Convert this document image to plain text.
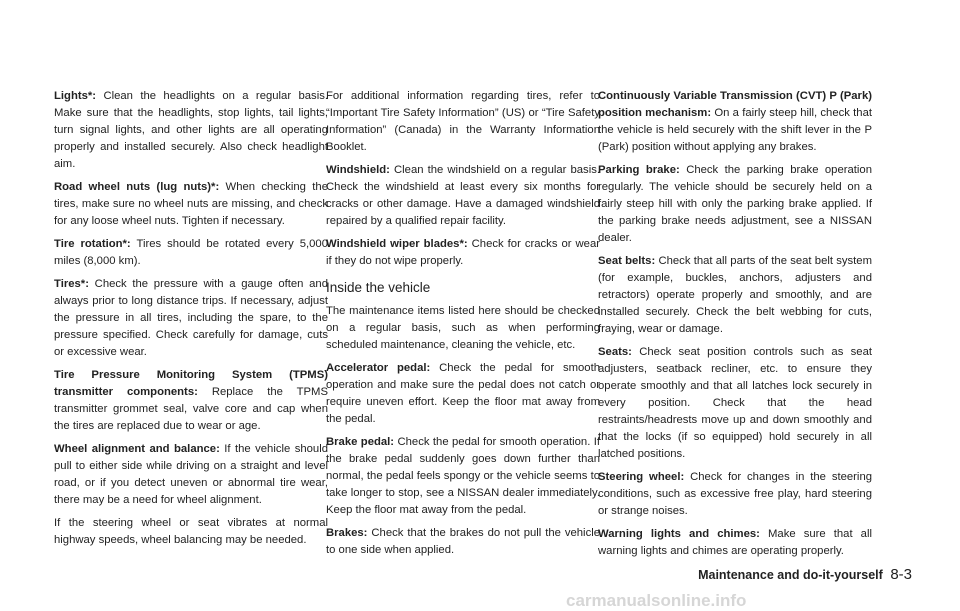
Lights*: Clean the headlights on a regular basis. Make sure that the headlights, stop lights, tail lights, turn signal lights, and other lights are all operating properly and installed securely. Also check headlight aim.
Road wheel nuts (lug nuts)*: When checking the tires, make sure no wheel nuts are missing, and check for any loose wheel nuts. Tighten if necessary.
Tire rotation*: Tires should be rotated every 5,000 miles (8,000 km).
Tires*: Check the pressure with a gauge often and always prior to long distance trips. If necessary, adjust the pressure in all tires, including the spare, to the pressure specified. Check carefully for damage, cuts or excessive wear.
Tire Pressure Monitoring System (TPMS) transmitter components: Replace the TPMS transmitter grommet seal, valve core and cap when the tires are replaced due to wear or age.
Wheel alignment and balance: If the vehicle should pull to either side while driving on a straight and level road, or if you detect uneven or abnormal tire wear, there may be a need for wheel alignment.
If the steering wheel or seat vibrates at normal highway speeds, wheel balancing may be needed.
For additional information regarding tires, refer to “Important Tire Safety Information” (US) or “Tire Safety Information” (Canada) in the Warranty Information Booklet.
Windshield: Clean the windshield on a regular basis. Check the windshield at least every six months for cracks or other damage. Have a damaged windshield repaired by a qualified repair facility.
Windshield wiper blades*: Check for cracks or wear if they do not wipe properly.
Inside the vehicle
The maintenance items listed here should be checked on a regular basis, such as when performing scheduled maintenance, cleaning the vehicle, etc.
Accelerator pedal: Check the pedal for smooth operation and make sure the pedal does not catch or require uneven effort. Keep the floor mat away from the pedal.
Brake pedal: Check the pedal for smooth operation. If the brake pedal suddenly goes down further than normal, the pedal feels spongy or the vehicle seems to take longer to stop, see a NISSAN dealer immediately. Keep the floor mat away from the pedal.
Brakes: Check that the brakes do not pull the vehicle to one side when applied.
Continuously Variable Transmission (CVT) P (Park) position mechanism: On a fairly steep hill, check that the vehicle is held securely with the shift lever in the P (Park) position without applying any brakes.
Parking brake: Check the parking brake operation regularly. The vehicle should be securely held on a fairly steep hill with only the parking brake applied. If the parking brake needs adjustment, see a NISSAN dealer.
Seat belts: Check that all parts of the seat belt system (for example, buckles, anchors, adjusters and retractors) operate properly and smoothly, and are installed securely. Check the belt webbing for cuts, fraying, wear or damage.
Seats: Check seat position controls such as seat adjusters, seatback recliner, etc. to ensure they operate smoothly and that all latches lock securely in every position. Check that the head restraints/headrests move up and down smoothly and that the locks (if so equipped) hold securely in all latched positions.
Steering wheel: Check for changes in the steering conditions, such as excessive free play, hard steering or strange noises.
Warning lights and chimes: Make sure that all warning lights and chimes are operating properly.
Maintenance and do-it-yourself 8-3
carmanualsonline.info
